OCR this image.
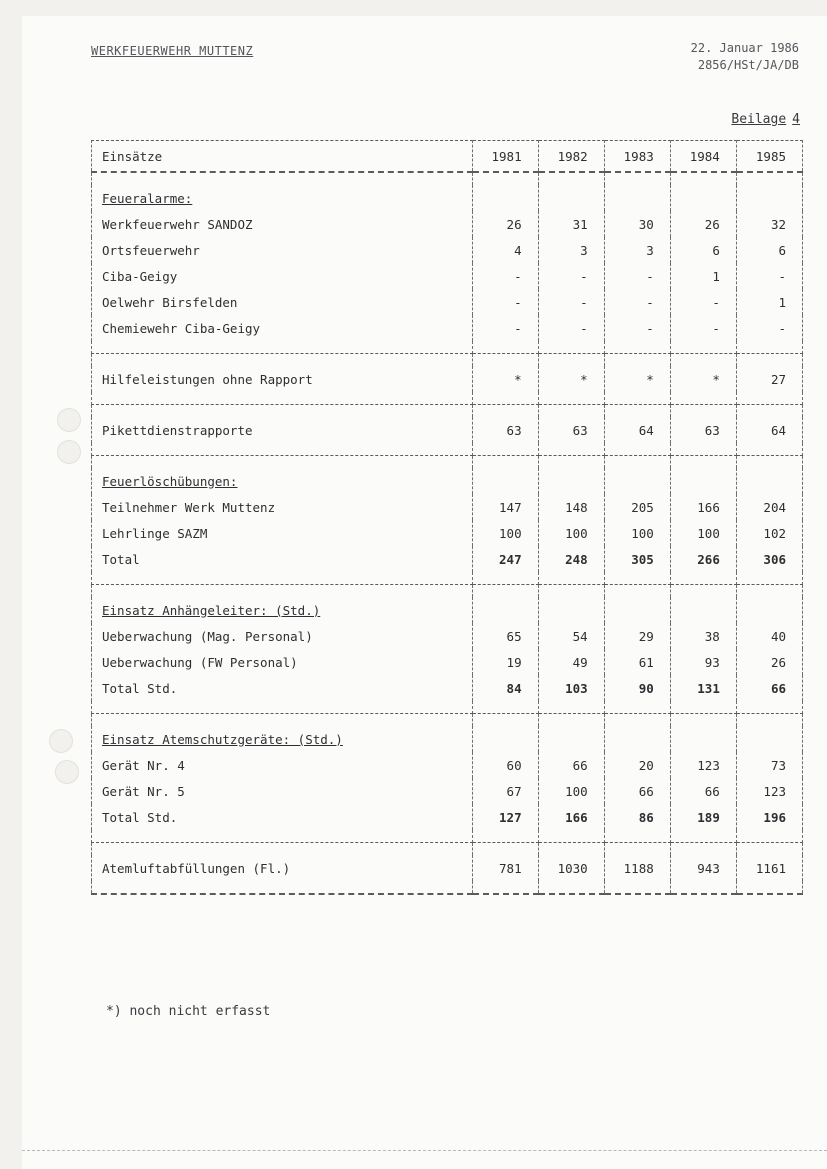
WERKFEUERWEHR MUTTENZ	22. Januar 1986
2856/HSt/JA/DB
Beilage 4
Einsätze	1981	1982	1983	1984	1985

Feueralarme:					
Werkfeuerwehr SANDOZ	26	31	30	26	32
Ortsfeuerwehr	4	3	3	6	6
Ciba-Geigy	-	-	-	1	-
Oelwehr Birsfelden	-	-	-	-	1
Chemiewehr Ciba-Geigy	-	-	-	-	-

Hilfeleistungen ohne Rapport	*	*	*	*	27

Pikettdienstrapporte	63	63	64	63	64

Feuerlöschübungen:					
Teilnehmer Werk Muttenz	147	148	205	166	204
Lehrlinge SAZM	100	100	100	100	102
Total	247	248	305	266	306

Einsatz Anhängeleiter: (Std.)					
Ueberwachung (Mag. Personal)	65	54	29	38	40
Ueberwachung (FW Personal)	19	49	61	93	26
Total Std.	84	103	90	131	66

Einsatz Atemschutzgeräte: (Std.)					
Gerät Nr. 4	60	66	20	123	73
Gerät Nr. 5	67	100	66	66	123
Total Std.	127	166	86	189	196

Atemluftabfüllungen (Fl.)	781	1030	1188	943	1161

*) noch nicht erfasst
